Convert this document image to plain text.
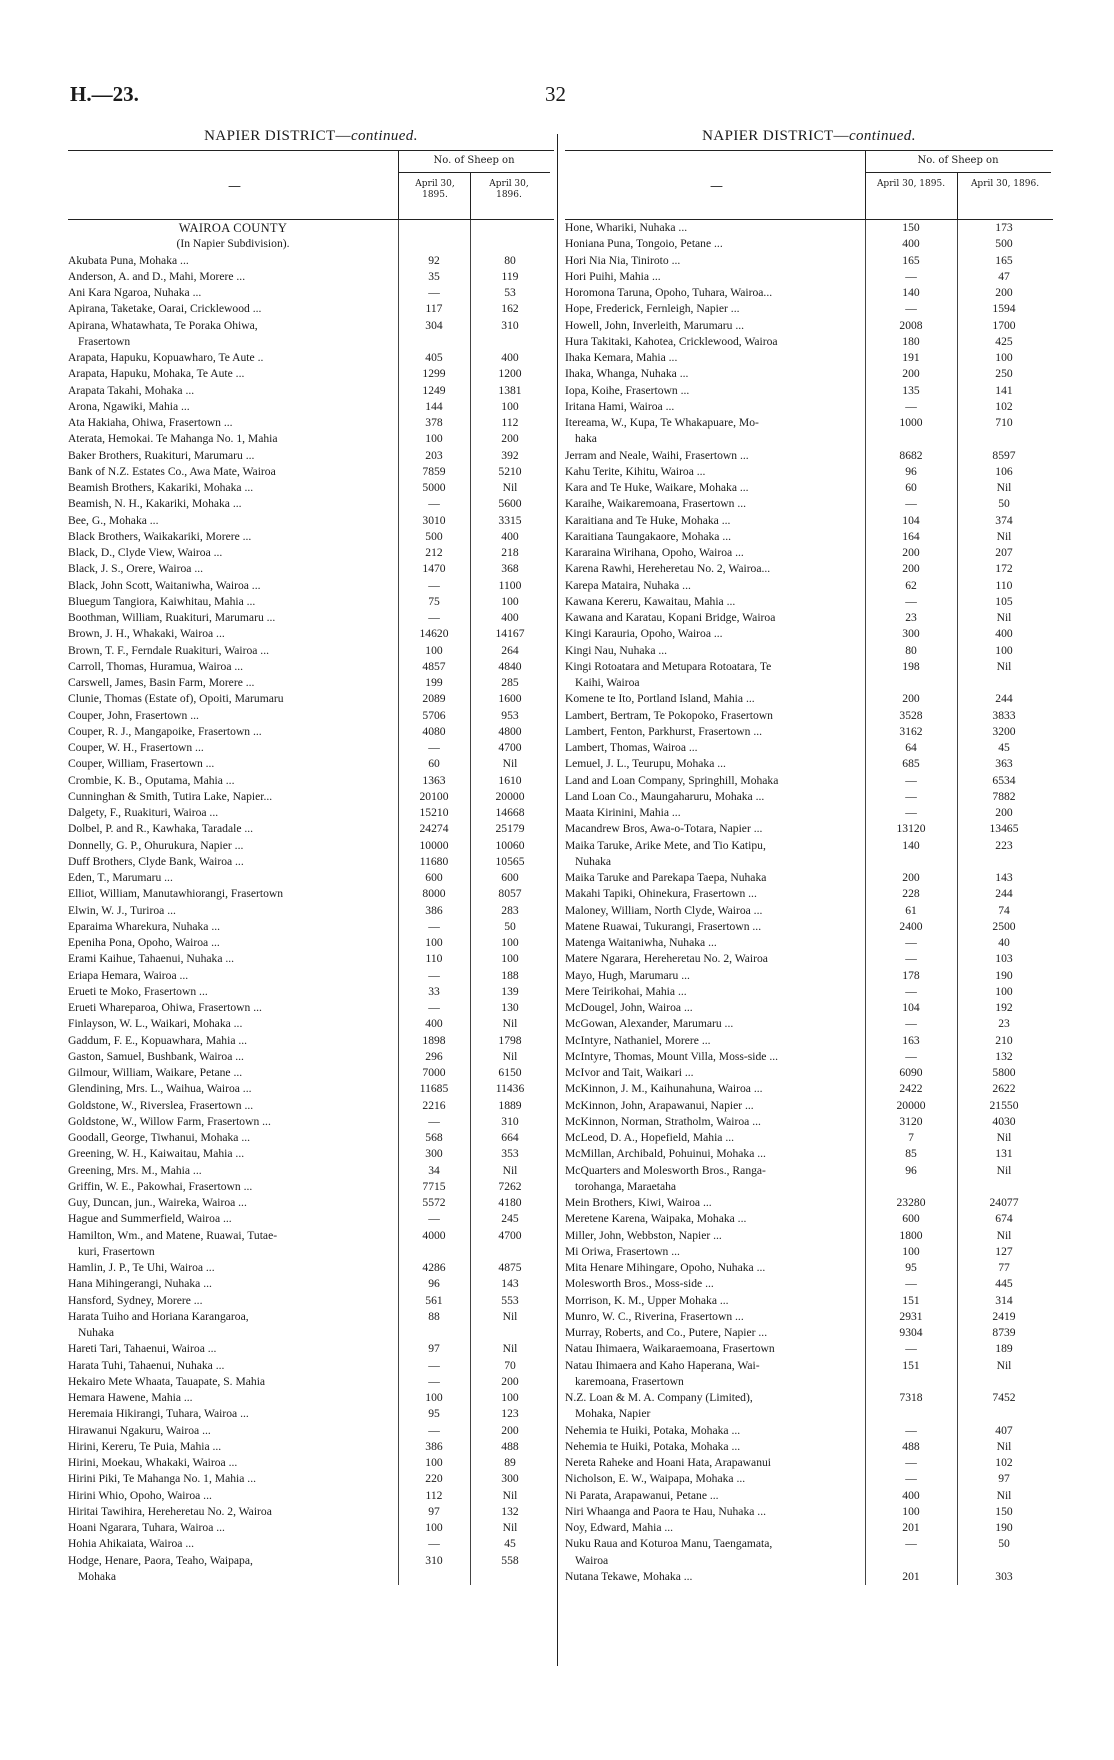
H.—23.	32
NAPIER DISTRICT—continued.
—
No. of Sheep on
April 30, 1895.
April 30, 1896.
WAIROA COUNTY
(In Napier Subdivision).
Akubata Puna, Mohaka ...	92	80
Anderson, A. and D., Mahi, Morere ...	35	119
Ani Kara Ngaroa, Nuhaka ...	—	53
Apirana, Taketake, Oarai, Cricklewood ...	117	162
Apirana, Whatawhata, Te Poraka Ohiwa,	304	310
Frasertown
Arapata, Hapuku, Kopuawharo, Te Aute ..	405	400
Arapata, Hapuku, Mohaka, Te Aute ...	1299	1200
Arapata Takahi, Mohaka ...	1249	1381
Arona, Ngawiki, Mahia ...	144	100
Ata Hakiaha, Ohiwa, Frasertown ...	378	112
Aterata, Hemokai. Te Mahanga No. 1, Mahia	100	200
Baker Brothers, Ruakituri, Marumaru ...	203	392
Bank of N.Z. Estates Co., Awa Mate, Wairoa	7859	5210
Beamish Brothers, Kakariki, Mohaka ...	5000	Nil
Beamish, N. H., Kakariki, Mohaka ...	—	5600
Bee, G., Mohaka ...	3010	3315
Black Brothers, Waikakariki, Morere ...	500	400
Black, D., Clyde View, Wairoa ...	212	218
Black, J. S., Orere, Wairoa ...	1470	368
Black, John Scott, Waitaniwha, Wairoa ...	—	1100
Bluegum Tangiora, Kaiwhitau, Mahia ...	75	100
Boothman, William, Ruakituri, Marumaru ...	—	400
Brown, J. H., Whakaki, Wairoa ...	14620	14167
Brown, T. F., Ferndale Ruakituri, Wairoa ...	100	264
Carroll, Thomas, Huramua, Wairoa ...	4857	4840
Carswell, James, Basin Farm, Morere ...	199	285
Clunie, Thomas (Estate of), Opoiti, Marumaru	2089	1600
Couper, John, Frasertown ...	5706	953
Couper, R. J., Mangapoike, Frasertown ...	4080	4800
Couper, W. H., Frasertown ...	—	4700
Couper, William, Frasertown ...	60	Nil
Crombie, K. B., Oputama, Mahia ...	1363	1610
Cunninghan & Smith, Tutira Lake, Napier...	20100	20000
Dalgety, F., Ruakituri, Wairoa ...	15210	14668
Dolbel, P. and R., Kawhaka, Taradale ...	24274	25179
Donnelly, G. P., Ohurukura, Napier ...	10000	10060
Duff Brothers, Clyde Bank, Wairoa ...	11680	10565
Eden, T., Marumaru ...	600	600
Elliot, William, Manutawhiorangi, Frasertown	8000	8057
Elwin, W. J., Turiroa ...	386	283
Eparaima Wharekura, Nuhaka ...	—	50
Epeniha Pona, Opoho, Wairoa ...	100	100
Erami Kaihue, Tahaenui, Nuhaka ...	110	100
Eriapa Hemara, Wairoa ...	—	188
Erueti te Moko, Frasertown ...	33	139
Erueti Whareparoa, Ohiwa, Frasertown ...	—	130
Finlayson, W. L., Waikari, Mohaka ...	400	Nil
Gaddum, F. E., Kopuawhara, Mahia ...	1898	1798
Gaston, Samuel, Bushbank, Wairoa ...	296	Nil
Gilmour, William, Waikare, Petane ...	7000	6150
Glendining, Mrs. L., Waihua, Wairoa ...	11685	11436
Goldstone, W., Riverslea, Frasertown ...	2216	1889
Goldstone, W., Willow Farm, Frasertown ...	—	310
Goodall, George, Tiwhanui, Mohaka ...	568	664
Greening, W. H., Kaiwaitau, Mahia ...	300	353
Greening, Mrs. M., Mahia ...	34	Nil
Griffin, W. E., Pakowhai, Frasertown ...	7715	7262
Guy, Duncan, jun., Waireka, Wairoa ...	5572	4180
Hague and Summerfield, Wairoa ...	—	245
Hamilton, Wm., and Matene, Ruawai, Tutae-	4000	4700
kuri, Frasertown
Hamlin, J. P., Te Uhi, Wairoa ...	4286	4875
Hana Mihingerangi, Nuhaka ...	96	143
Hansford, Sydney, Morere ...	561	553
Harata Tuiho and Horiana Karangaroa,	88	Nil
Nuhaka
Hareti Tari, Tahaenui, Wairoa ...	97	Nil
Harata Tuhi, Tahaenui, Nuhaka ...	—	70
Hekairo Mete Whaata, Tauapate, S. Mahia	—	200
Hemara Hawene, Mahia ...	100	100
Heremaia Hikirangi, Tuhara, Wairoa ...	95	123
Hirawanui Ngakuru, Wairoa ...	—	200
Hirini, Kereru, Te Puia, Mahia ...	386	488
Hirini, Moekau, Whakaki, Wairoa ...	100	89
Hirini Piki, Te Mahanga No. 1, Mahia ...	220	300
Hirini Whio, Opoho, Wairoa ...	112	Nil
Hiritai Tawihira, Hereheretau No. 2, Wairoa	97	132
Hoani Ngarara, Tuhara, Wairoa ...	100	Nil
Hohia Ahikaiata, Wairoa ...	—	45
Hodge, Henare, Paora, Teaho, Waipapa,	310	558
Mohaka
NAPIER DISTRICT—continued.
—
No. of Sheep on
April 30, 1895.	April 30, 1896.
Hone, Whariki, Nuhaka ...	150	173
Honiana Puna, Tongoio, Petane ...	400	500
Hori Nia Nia, Tiniroto ...	165	165
Hori Puihi, Mahia ...	—	47
Horomona Taruna, Opoho, Tuhara, Wairoa...	140	200
Hope, Frederick, Fernleigh, Napier ...	—	1594
Howell, John, Inverleith, Marumaru ...	2008	1700
Hura Takitaki, Kahotea, Cricklewood, Wairoa	180	425
Ihaka Kemara, Mahia ...	191	100
Ihaka, Whanga, Nuhaka ...	200	250
Iopa, Koihe, Frasertown ...	135	141
Iritana Hami, Wairoa ...	—	102
Itereama, W., Kupa, Te Whakapuare, Mo-	1000	710
haka
Jerram and Neale, Waihi, Frasertown ...	8682	8597
Kahu Terite, Kihitu, Wairoa ...	96	106
Kara and Te Huke, Waikare, Mohaka ...	60	Nil
Karaihe, Waikaremoana, Frasertown ...	—	50
Karaitiana and Te Huke, Mohaka ...	104	374
Karaitiana Taungakaore, Mohaka ...	164	Nil
Kararaina Wirihana, Opoho, Wairoa ...	200	207
Karena Rawhi, Hereheretau No. 2, Wairoa...	200	172
Karepa Mataira, Nuhaka ...	62	110
Kawana Kereru, Kawaitau, Mahia ...	—	105
Kawana and Karatau, Kopani Bridge, Wairoa	23	Nil
Kingi Karauria, Opoho, Wairoa ...	300	400
Kingi Nau, Nuhaka ...	80	100
Kingi Rotoatara and Metupara Rotoatara, Te	198	Nil
Kaihi, Wairoa
Komene te Ito, Portland Island, Mahia ...	200	244
Lambert, Bertram, Te Pokopoko, Frasertown	3528	3833
Lambert, Fenton, Parkhurst, Frasertown ...	3162	3200
Lambert, Thomas, Wairoa ...	64	45
Lemuel, J. L., Teurupu, Mohaka ...	685	363
Land and Loan Company, Springhill, Mohaka	—	6534
Land Loan Co., Maungaharuru, Mohaka ...	—	7882
Maata Kirinini, Mahia ...	—	200
Macandrew Bros, Awa-o-Totara, Napier ...	13120	13465
Maika Taruke, Arike Mete, and Tio Katipu,	140	223
Nuhaka
Maika Taruke and Parekapa Taepa, Nuhaka	200	143
Makahi Tapiki, Ohinekura, Frasertown ...	228	244
Maloney, William, North Clyde, Wairoa ...	61	74
Matene Ruawai, Tukurangi, Frasertown ...	2400	2500
Matenga Waitaniwha, Nuhaka ...	—	40
Matere Ngarara, Hereheretau No. 2, Wairoa	—	103
Mayo, Hugh, Marumaru ...	178	190
Mere Teirikohai, Mahia ...	—	100
McDougel, John, Wairoa ...	104	192
McGowan, Alexander, Marumaru ...	—	23
McIntyre, Nathaniel, Morere ...	163	210
McIntyre, Thomas, Mount Villa, Moss-side ...	—	132
McIvor and Tait, Waikari ...	6090	5800
McKinnon, J. M., Kaihunahuna, Wairoa ...	2422	2622
McKinnon, John, Arapawanui, Napier ...	20000	21550
McKinnon, Norman, Stratholm, Wairoa ...	3120	4030
McLeod, D. A., Hopefield, Mahia ...	7	Nil
McMillan, Archibald, Pohuinui, Mohaka ...	85	131
McQuarters and Molesworth Bros., Ranga-	96	Nil
torohanga, Maraetaha
Mein Brothers, Kiwi, Wairoa ...	23280	24077
Meretene Karena, Waipaka, Mohaka ...	600	674
Miller, John, Webbston, Napier ...	1800	Nil
Mi Oriwa, Frasertown ...	100	127
Mita Henare Mihingare, Opoho, Nuhaka ...	95	77
Molesworth Bros., Moss-side ...	—	445
Morrison, K. M., Upper Mohaka ...	151	314
Munro, W. C., Riverina, Frasertown ...	2931	2419
Murray, Roberts, and Co., Putere, Napier ...	9304	8739
Natau Ihimaera, Waikaraemoana, Frasertown	—	189
Natau Ihimaera and Kaho Haperana, Wai-	151	Nil
karemoana, Frasertown
N.Z. Loan & M. A. Company (Limited),	7318	7452
Mohaka, Napier
Nehemia te Huiki, Potaka, Mohaka ...	—	407
Nehemia te Huiki, Potaka, Mohaka ...	488	Nil
Nereta Raheke and Hoani Hata, Arapawanui	—	102
Nicholson, E. W., Waipapa, Mohaka ...	—	97
Ni Parata, Arapawanui, Petane ...	400	Nil
Niri Whaanga and Paora te Hau, Nuhaka ...	100	150
Noy, Edward, Mahia ...	201	190
Nuku Raua and Koturoa Manu, Taengamata,	—	50
Wairoa
Nutana Tekawe, Mohaka ...	201	303
